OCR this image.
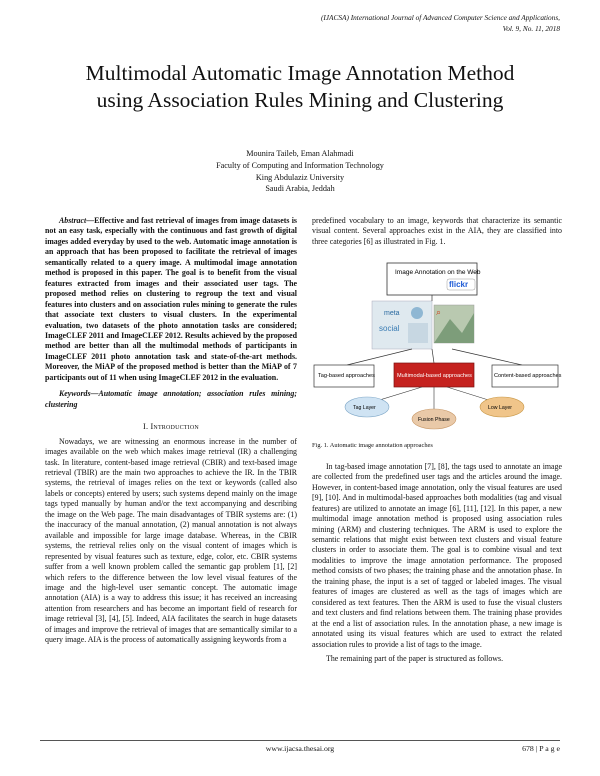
(IJACSA) International Journal of Advanced Computer Science and Applications,
Vol. 9, No. 11, 2018
Multimodal Automatic Image Annotation Method
using Association Rules Mining and Clustering
Mounira Taileb, Eman Alahmadi
Faculty of Computing and Information Technology
King Abdulaziz University
Saudi Arabia, Jeddah

Abstract—Effective and fast retrieval of images from image datasets is not an easy task, especially with the continuous and fast growth of digital images added everyday by used to the web. Automatic image annotation is an approach that has been proposed to facilitate the retrieval of images semantically related to a query image. A multimodal image annotation method is proposed in this paper. The goal is to benefit from the visual features extracted from images and their associated user tags. The proposed method relies on clustering to regroup the text and visual features into clusters and on association rules mining to generate the rules that associate text clusters to visual clusters. In the experimental evaluation, two datasets of the photo annotation tasks are considered; ImageCLEF 2011 and ImageCLEF 2012. Results achieved by the proposed method are better than all the multimodal methods of participants in ImageCLEF 2011 photo annotation task and state-of-the-art methods. Moreover, the MiAP of the proposed method is better than the MiAP of 7 participants out of 11 when using ImageCLEF 2012 in the evaluation.

Keywords—Automatic image annotation; association rules mining; clustering

I. Introduction

Nowadays, we are witnessing an enormous increase in the number of images available on the web which makes image retrieval (IR) a challenging task. In literature, content-based image retrieval (CBIR) and text-based image retrieval (TBIR) are the main two approaches to achieve the IR. In the TBIR systems, the retrieval of images relies on the text or keywords (called also labels or concepts) entered by users; such systems depend mainly on the image tags typed manually by human and/or the text accompanying and describing the image on the Web page. The main disadvantages of TBIR systems are: (1) the inaccuracy of the manual annotation, (2) manual annotation is not always available and impossible for large image database. Whereas, in the CBIR systems, the retrieval relies only on the visual content of images which is represented by visual features such as texture, edge, color, etc. CBIR systems suffer from a well known problem called the semantic gap problem [1], [2] which refers to the difference between the low level visual features of the image and the high-level user semantic concept. The automatic image annotation (AIA) is a way to address this issue; it has received an increasing attention from researchers and has become an important field of research for image retrieval [3], [4], [5]. Indeed, AIA facilitates the search in huge datasets of images and improve the retrieval of images that are semantically similar to a query image. AIA is the process of automatically assigning keywords from a

predefined vocabulary to an image, keywords that characterize its semantic visual content. Several approaches exist in the AIA, they are classified into three categories [6] as illustrated in Fig. 1.

Image Annotation on the Web
flickr
meta
social
⌕
Tag-based approaches	Multimodal-based approaches	Content-based approaches
Tag Layer
Fusion Phase
Low Layer
Fig. 1. Automatic image annotation approaches

In tag-based image annotation [7], [8], the tags used to annotate an image are collected from the predefined user tags and the articles around the image. However, in content-based image annotation, only the visual features are used [9], [10]. And in multimodal-based approaches both modalities (tag and visual features) are utilized to annotate an image [6], [11], [12]. In this paper, a new multimodal image annotation method is proposed using association rules mining (ARM) and clustering techniques. The ARM is used to explore the semantic relations that might exist between text clusters and visual feature clusters in order to associate them. The goal is to combine visual and text modalities to improve the image annotation performance. The proposed method consists of two phases; the training phase and the annotation phase. In the training phase, the input is a set of tagged or labeled images. The visual features of images are clustered as well as the tags of images which are considered as text features. Then the ARM is used to fuse the visual clusters and text clusters and find relations between them. The training phase provides at the end a list of association rules. In the annotation phase, a new image is annotated using its visual features which are used to extract the related association rules to provide a list of tags to the image.

The remaining part of the paper is structured as follows.

www.ijacsa.thesai.org	678 | P a g e
